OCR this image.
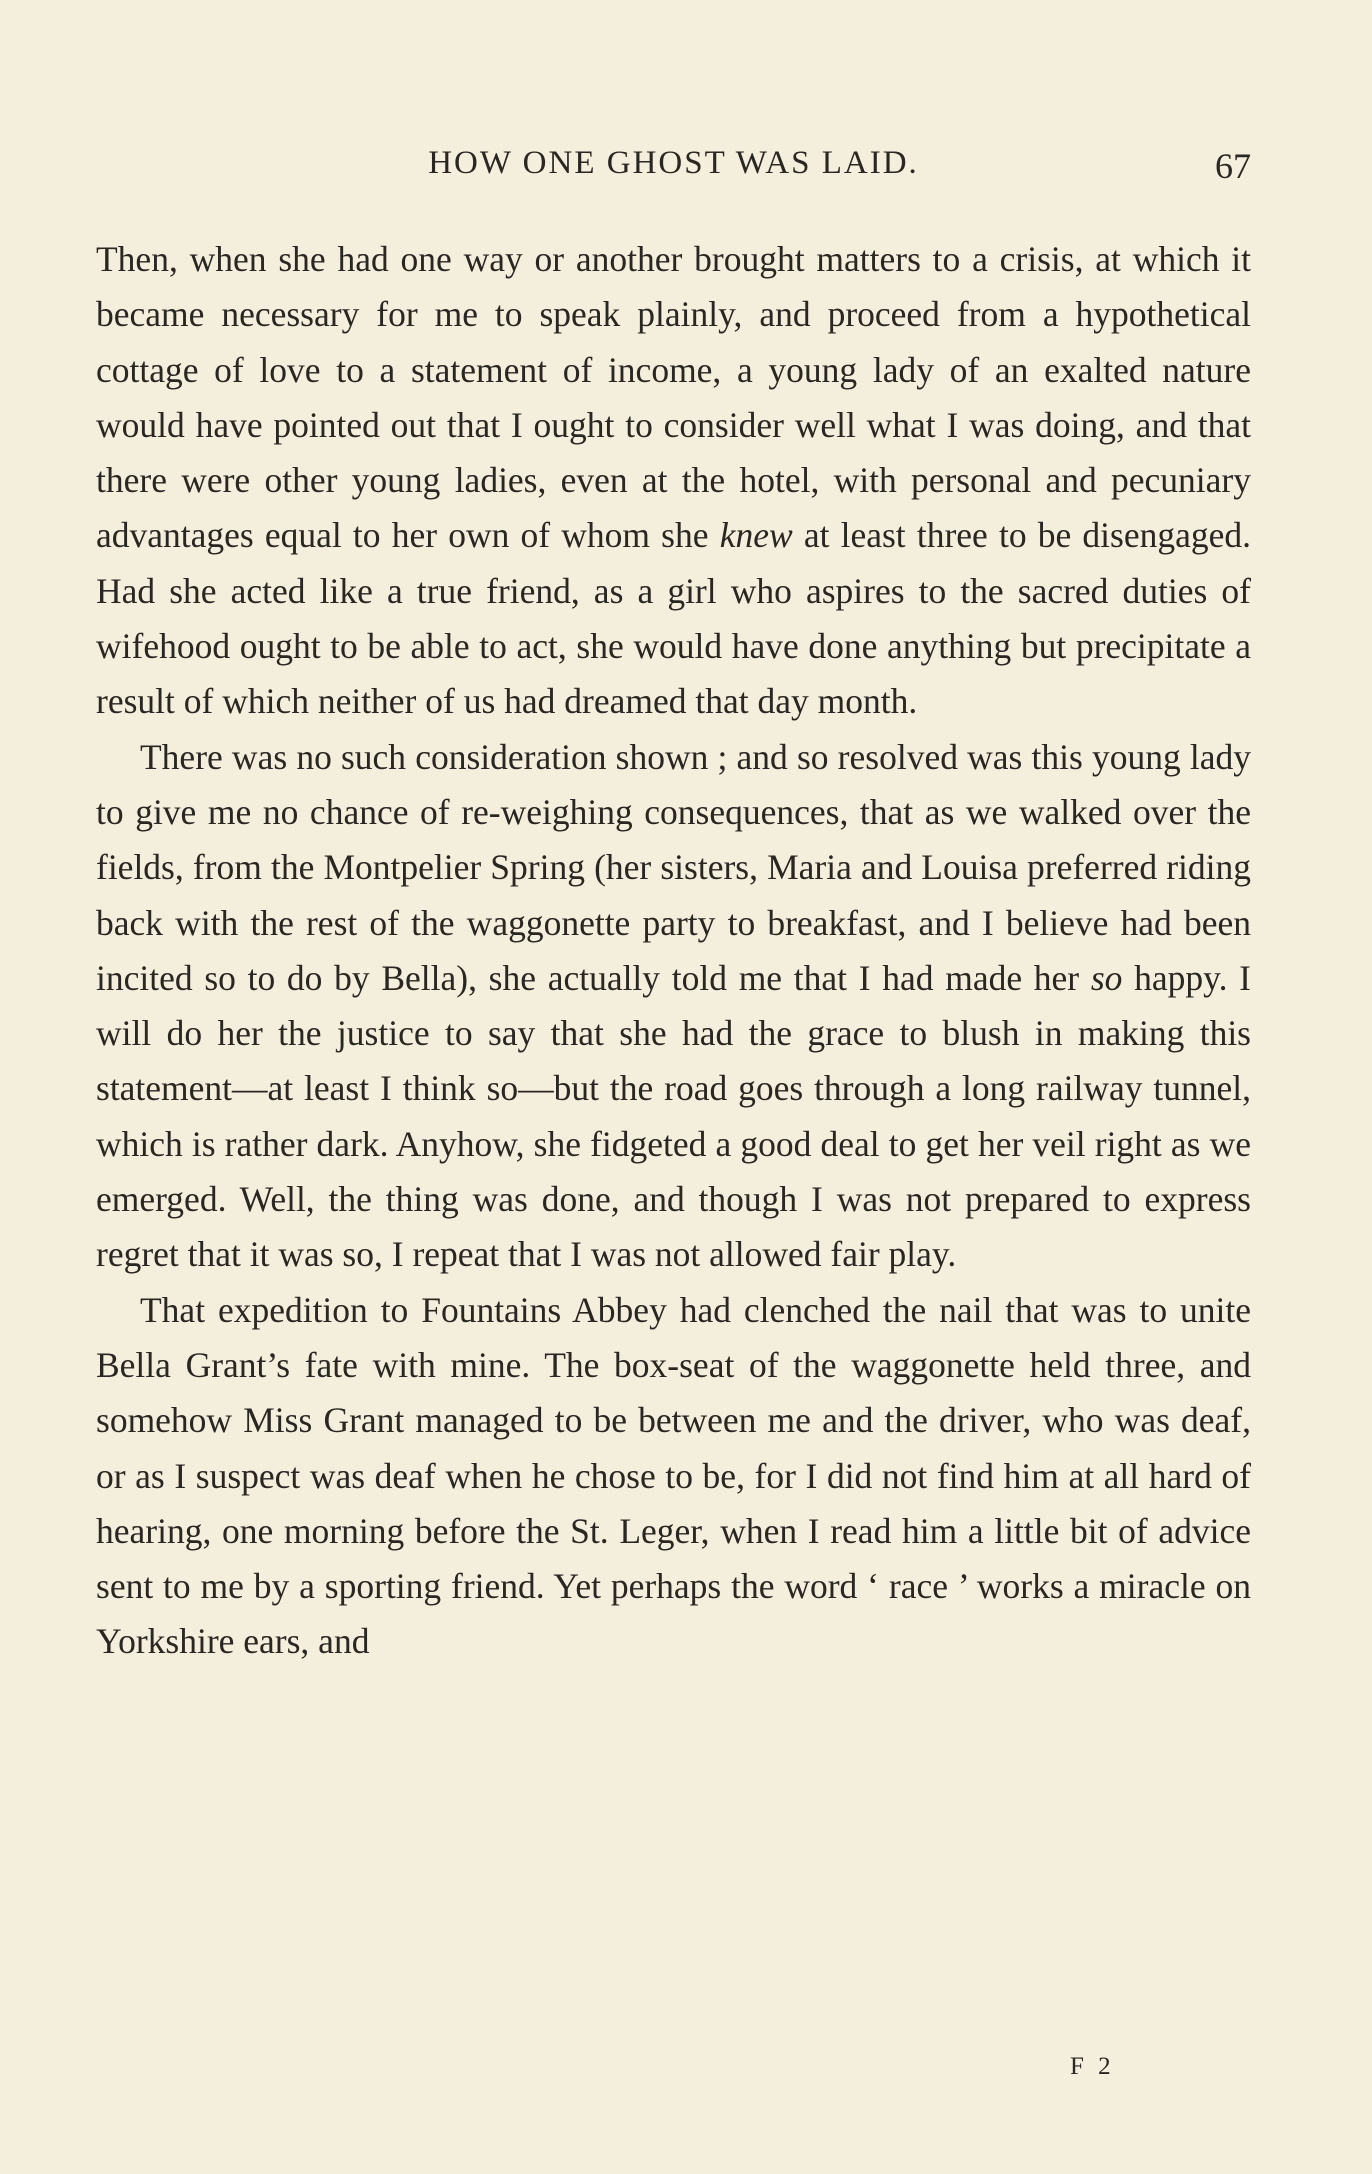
HOW ONE GHOST WAS LAID.	67

Then, when she had one way or another brought matters to a crisis, at which it became necessary for me to speak plainly, and proceed from a hypothetical cottage of love to a statement of income, a young lady of an exalted nature would have pointed out that I ought to consider well what I was doing, and that there were other young ladies, even at the hotel, with personal and pecuniary advantages equal to her own of whom she knew at least three to be disengaged. Had she acted like a true friend, as a girl who aspires to the sacred duties of wifehood ought to be able to act, she would have done anything but precipitate a result of which neither of us had dreamed that day month.

There was no such consideration shown ; and so resolved was this young lady to give me no chance of re-weighing consequences, that as we walked over the fields, from the Montpelier Spring (her sisters, Maria and Louisa preferred riding back with the rest of the waggonette party to breakfast, and I believe had been incited so to do by Bella), she actually told me that I had made her so happy. I will do her the justice to say that she had the grace to blush in making this statement—at least I think so—but the road goes through a long railway tunnel, which is rather dark. Anyhow, she fidgeted a good deal to get her veil right as we emerged. Well, the thing was done, and though I was not prepared to express regret that it was so, I repeat that I was not allowed fair play.

That expedition to Fountains Abbey had clenched the nail that was to unite Bella Grant’s fate with mine. The box-seat of the waggonette held three, and somehow Miss Grant managed to be between me and the driver, who was deaf, or as I suspect was deaf when he chose to be, for I did not find him at all hard of hearing, one morning before the St. Leger, when I read him a little bit of advice sent to me by a sporting friend. Yet perhaps the word ‘ race ’ works a miracle on Yorkshire ears, and

F 2
